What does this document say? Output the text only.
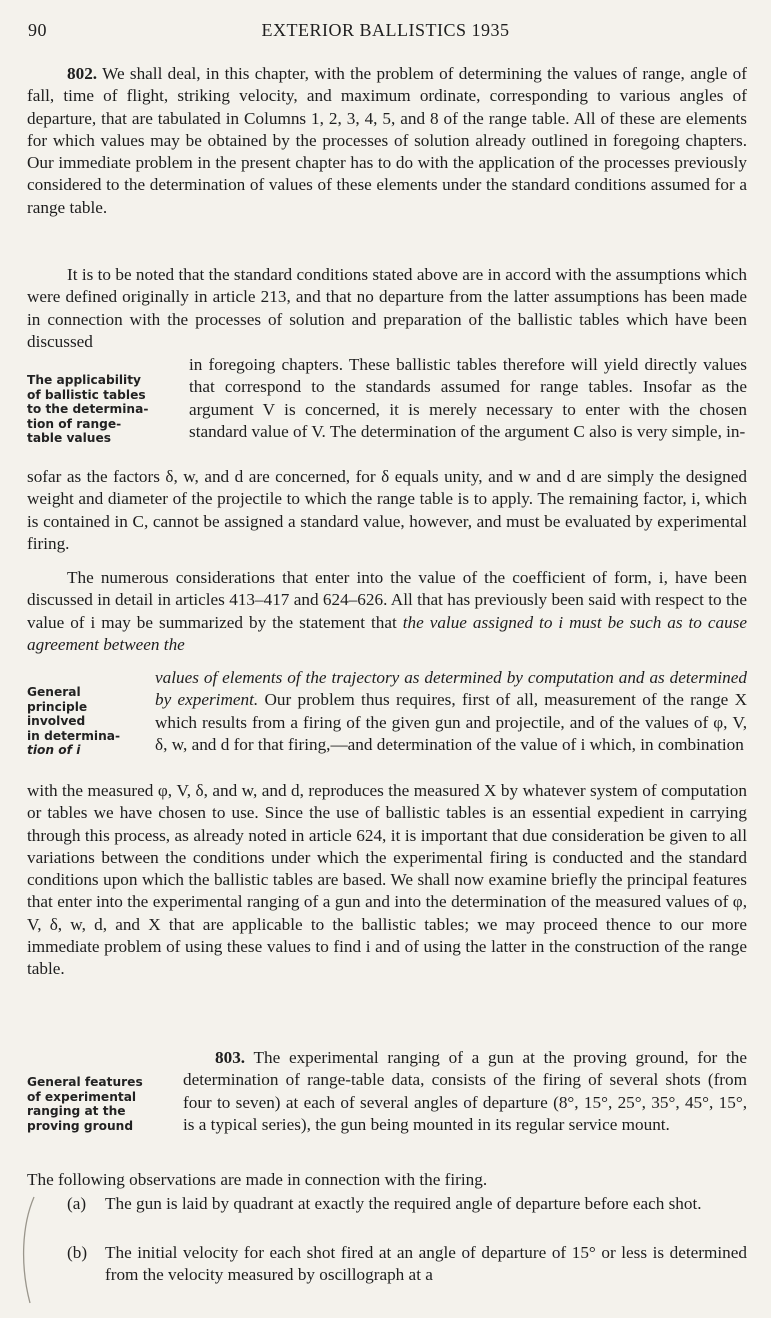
90	EXTERIOR BALLISTICS 1935

802. We shall deal, in this chapter, with the problem of determining the values of range, angle of fall, time of flight, striking velocity, and maximum ordinate, corresponding to various angles of departure, that are tabulated in Columns 1, 2, 3, 4, 5, and 8 of the range table. All of these are elements for which values may be obtained by the processes of solution already outlined in foregoing chapters. Our immediate problem in the present chapter has to do with the application of the processes previously considered to the determination of values of these elements under the standard conditions assumed for a range table.

It is to be noted that the standard conditions stated above are in accord with the assumptions which were defined originally in article 213, and that no departure from the latter assumptions has been made in connection with the processes of solution and preparation of the ballistic tables which have been discussed

The applicability
of ballistic tables
to the determina-
tion of range-
table values

in foregoing chapters. These ballistic tables therefore will yield directly values that correspond to the standards assumed for range tables. Insofar as the argument V is concerned, it is merely necessary to enter with the chosen standard value of V. The determination of the argument C also is very simple, in-

sofar as the factors δ, w, and d are concerned, for δ equals unity, and w and d are simply the designed weight and diameter of the projectile to which the range table is to apply. The remaining factor, i, which is contained in C, cannot be assigned a standard value, however, and must be evaluated by experimental firing.

The numerous considerations that enter into the value of the coefficient of form, i, have been discussed in detail in articles 413–417 and 624–626. All that has previously been said with respect to the value of i may be summarized by the statement that the value assigned to i must be such as to cause agreement between the

General
principle
involved
in determina-
tion of i

values of elements of the trajectory as determined by computation and as determined by experiment. Our problem thus requires, first of all, measurement of the range X which results from a firing of the given gun and projectile, and of the values of φ, V, δ, w, and d for that firing,—and determination of the value of i which, in combination

with the measured φ, V, δ, and w, and d, reproduces the measured X by whatever system of computation or tables we have chosen to use. Since the use of ballistic tables is an essential expedient in carrying through this process, as already noted in article 624, it is important that due consideration be given to all variations between the conditions under which the experimental firing is conducted and the standard conditions upon which the ballistic tables are based. We shall now examine briefly the principal features that enter into the experimental ranging of a gun and into the determination of the measured values of φ, V, δ, w, d, and X that are applicable to the ballistic tables; we may proceed thence to our more immediate problem of using these values to find i and of using the latter in the construction of the range table.

General features
of experimental
ranging at the
proving ground

803. The experimental ranging of a gun at the proving ground, for the determination of range-table data, consists of the firing of several shots (from four to seven) at each of several angles of departure (8°, 15°, 25°, 35°, 45°, 15°, is a typical series), the gun being mounted in its regular service mount.

The following observations are made in connection with the firing.

(a) The gun is laid by quadrant at exactly the required angle of departure before each shot.
(b) The initial velocity for each shot fired at an angle of departure of 15° or less is determined from the velocity measured by oscillograph at a
